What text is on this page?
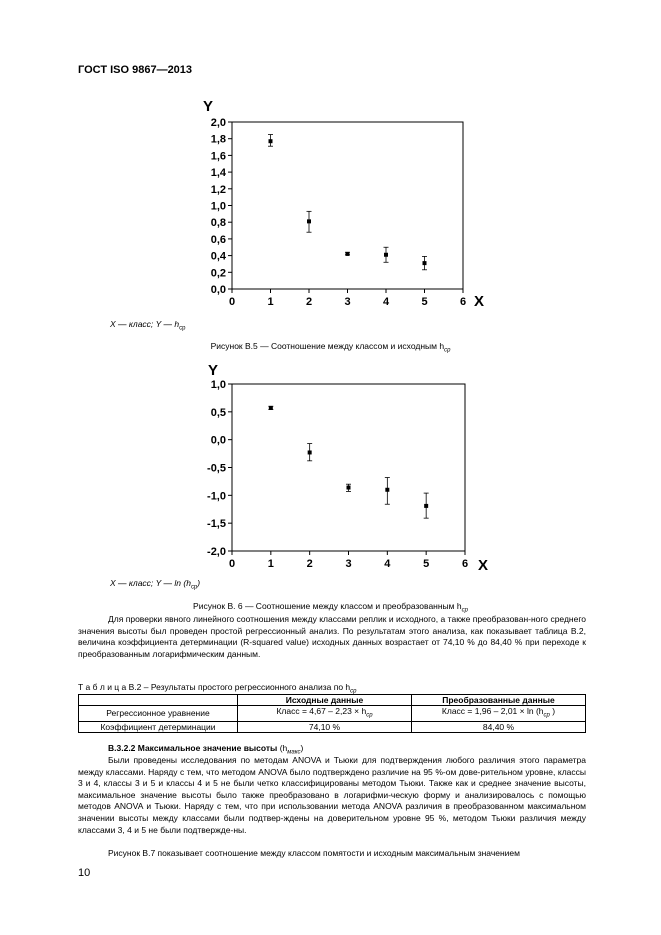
ГОСТ ISO 9867—2013
Y
X
0,0
0,2
0,4
0,6
0,8
1,0
1,2
1,4
1,6
1,8
2,0
0	1	2	3	4	5	6
X — класс; Y — $h_{ср}$
Рисунок В.5 — Соотношение между классом и исходным $h_{ср}$
Y
X
-2,0
-1,5
-1,0
-0,5
0,0
0,5
1,0
0	1	2	3	4	5	6
X — класс; Y — $\ln (h_{ср})$
Рисунок В. 6 — Соотношение между классом и преобразованным $h_{ср}$
Для проверки явного линейного соотношения между классами реплик и исходного, а также преобразован-ного среднего значения высоты был проведен простой регрессионный анализ. По результатам этого анализа, как показывает таблица В.2, величина коэффициента детерминации (R-squared value) исходных данных возрастает от 74,10 % до 84,40 % при переходе к преобразованным логарифмическим данным.
Т а б л и ц а В.2 – Результаты простого регрессионного анализа по $h_{ср}$
	Исходные данные	Преобразованные данные
Регрессионное уравнение	Класс = $4,67 - 2,23 \times h_{ср}$	Класс = $1,96 - 2,01 \times \ln (h_{ср}$ )
Коэффициент детерминации	74,10 %	84,40 %
В.3.2.2 Максимальное значение высоты $(h_{макс})$
Были проведены исследования по методам ANOVA и Тьюки для подтверждения любого различия этого параметра между классами. Наряду с тем, что методом ANOVA было подтверждено различие на 95 %-ом дове-рительном уровне, классы 3 и 4, классы 3 и 5 и классы 4 и 5 не были четко классифицированы методом Тьюки. Также как и среднее значение высоты, максимальное значение высоты было также преобразовано в логарифми-ческую форму и анализировалось с помощью методов ANOVA и Тьюки. Наряду с тем, что при использовании метода ANOVA различия в преобразованном максимальном значении высоты между классами были подтвер-ждены на доверительном уровне 95 %, методом Тьюки различия между классами 3, 4 и 5 не были подтвержде-ны.
Рисунок В.7 показывает соотношение между классом помятости и исходным максимальным значением
10
